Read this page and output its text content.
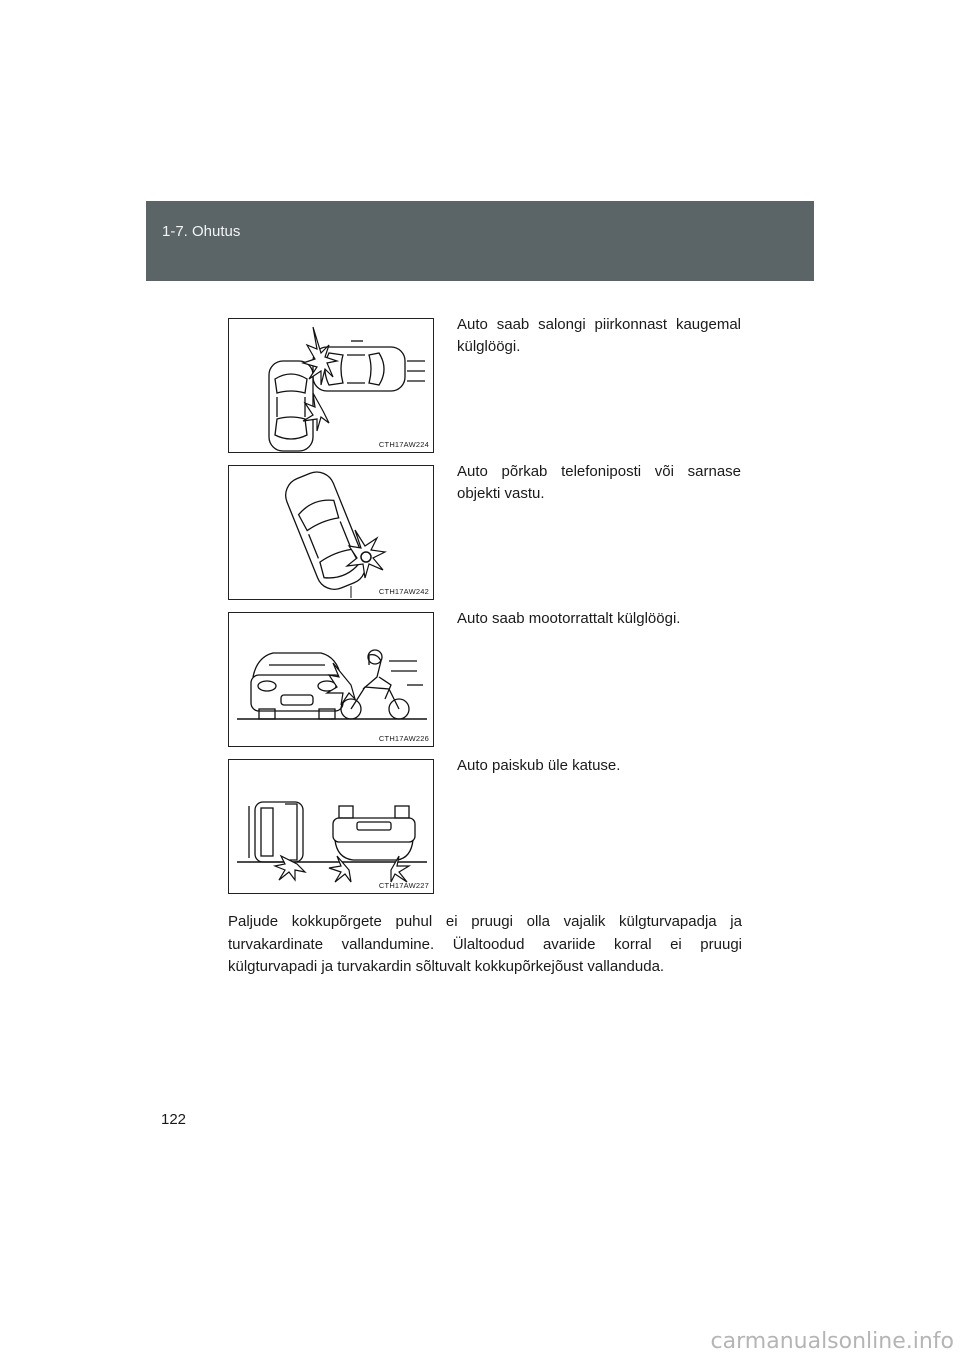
1-7. Ohutus
CTH17AW224
Auto saab salongi piirkonnast kaugemal külglöögi.
CTH17AW242
Auto põrkab telefoniposti või sarnase objekti vastu.
CTH17AW226
Auto saab mootorrattalt külglöögi.
CTH17AW227
Auto paiskub üle katuse.
Paljude kokkupõrgete puhul ei pruugi olla vajalik külgturvapadja ja turvakardinate vallandumine. Ülaltoodud avariide korral ei pruugi külgturvapadi ja turvakardin sõltuvalt kokkupõrkejõust vallanduda.
122
carmanualsonline.info
